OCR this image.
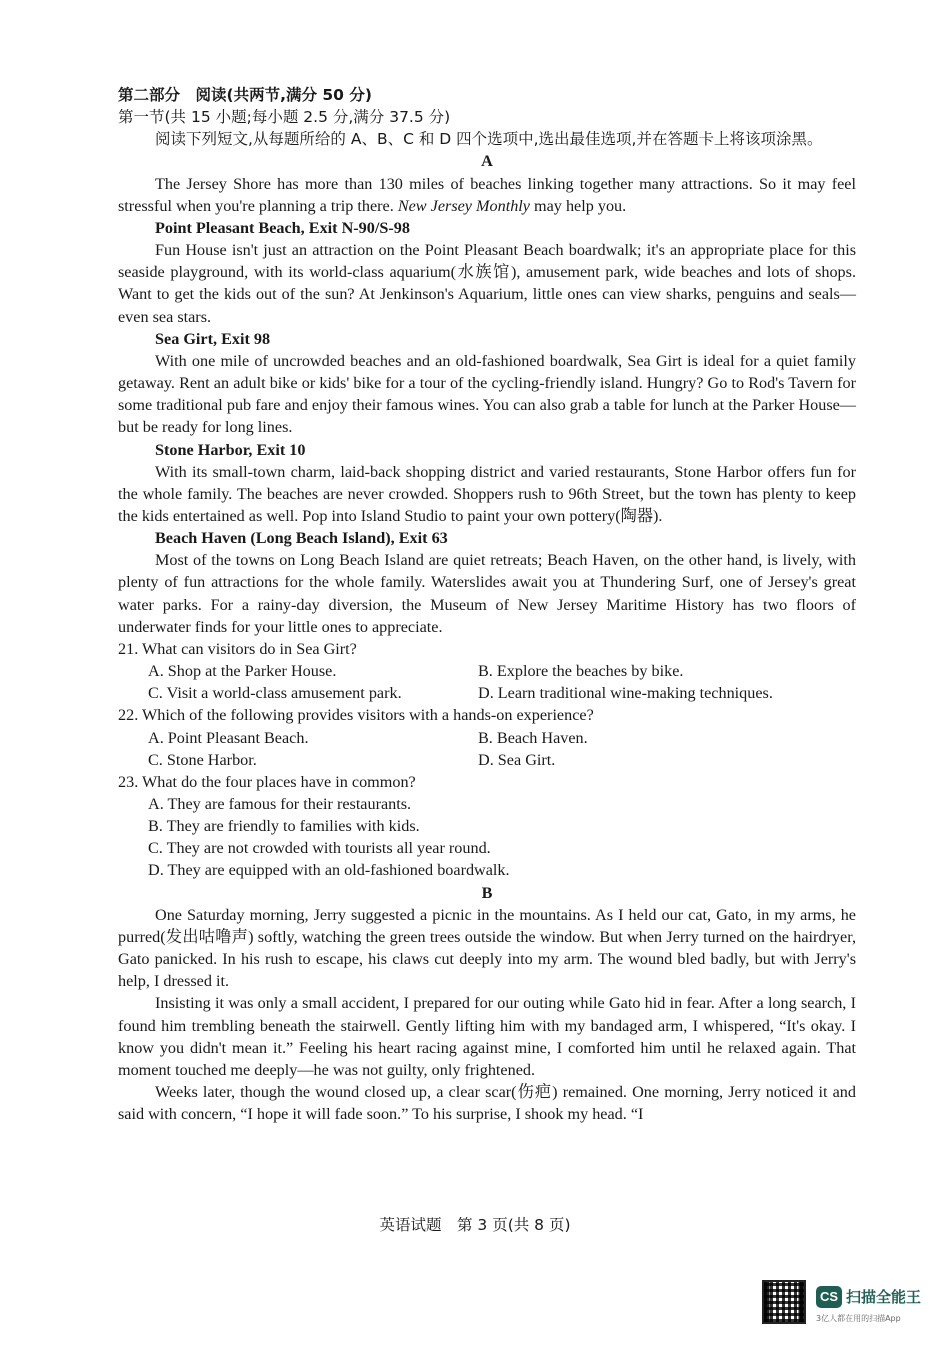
第二部分　阅读(共两节,满分 50 分)

第一节(共 15 小题;每小题 2.5 分,满分 37.5 分)

阅读下列短文,从每题所给的 A、B、C 和 D 四个选项中,选出最佳选项,并在答题卡上将该项涂黑。

A

The Jersey Shore has more than 130 miles of beaches linking together many attractions. So it may feel stressful when you're planning a trip there. New Jersey Monthly may help you.

Point Pleasant Beach, Exit N-90/S-98

Fun House isn't just an attraction on the Point Pleasant Beach boardwalk; it's an appropriate place for this seaside playground, with its world-class aquarium(水族馆), amusement park, wide beaches and lots of shops. Want to get the kids out of the sun? At Jenkinson's Aquarium, little ones can view sharks, penguins and seals—even sea stars.

Sea Girt, Exit 98

With one mile of uncrowded beaches and an old-fashioned boardwalk, Sea Girt is ideal for a quiet family getaway. Rent an adult bike or kids' bike for a tour of the cycling-friendly island. Hungry? Go to Rod's Tavern for some traditional pub fare and enjoy their famous wines. You can also grab a table for lunch at the Parker House—but be ready for long lines.

Stone Harbor, Exit 10

With its small-town charm, laid-back shopping district and varied restaurants, Stone Harbor offers fun for the whole family. The beaches are never crowded. Shoppers rush to 96th Street, but the town has plenty to keep the kids entertained as well. Pop into Island Studio to paint your own pottery(陶器).

Beach Haven (Long Beach Island), Exit 63

Most of the towns on Long Beach Island are quiet retreats; Beach Haven, on the other hand, is lively, with plenty of fun attractions for the whole family. Waterslides await you at Thundering Surf, one of Jersey's great water parks. For a rainy-day diversion, the Museum of New Jersey Maritime History has two floors of underwater finds for your little ones to appreciate.

21. What can visitors do in Sea Girt?

A. Shop at the Parker House.	B. Explore the beaches by bike.
C. Visit a world-class amusement park.	D. Learn traditional wine-making techniques.

22. Which of the following provides visitors with a hands-on experience?

A. Point Pleasant Beach.	B. Beach Haven.
C. Stone Harbor.	D. Sea Girt.

23. What do the four places have in common?

A. They are famous for their restaurants.

B. They are friendly to families with kids.

C. They are not crowded with tourists all year round.

D. They are equipped with an old-fashioned boardwalk.

B

One Saturday morning, Jerry suggested a picnic in the mountains. As I held our cat, Gato, in my arms, he purred(发出咕噜声) softly, watching the green trees outside the window. But when Jerry turned on the hairdryer, Gato panicked. In his rush to escape, his claws cut deeply into my arm. The wound bled badly, but with Jerry's help, I dressed it.

Insisting it was only a small accident, I prepared for our outing while Gato hid in fear. After a long search, I found him trembling beneath the stairwell. Gently lifting him with my bandaged arm, I whispered, “It's okay. I know you didn't mean it.” Feeling his heart racing against mine, I comforted him until he relaxed again. That moment touched me deeply—he was not guilty, only frightened.

Weeks later, though the wound closed up, a clear scar(伤疤) remained. One morning, Jerry noticed it and said with concern, “I hope it will fade soon.” To his surprise, I shook my head. “I

英语试题　第 3 页(共 8 页)
CS 扫描全能王
3亿人都在用的扫描App
